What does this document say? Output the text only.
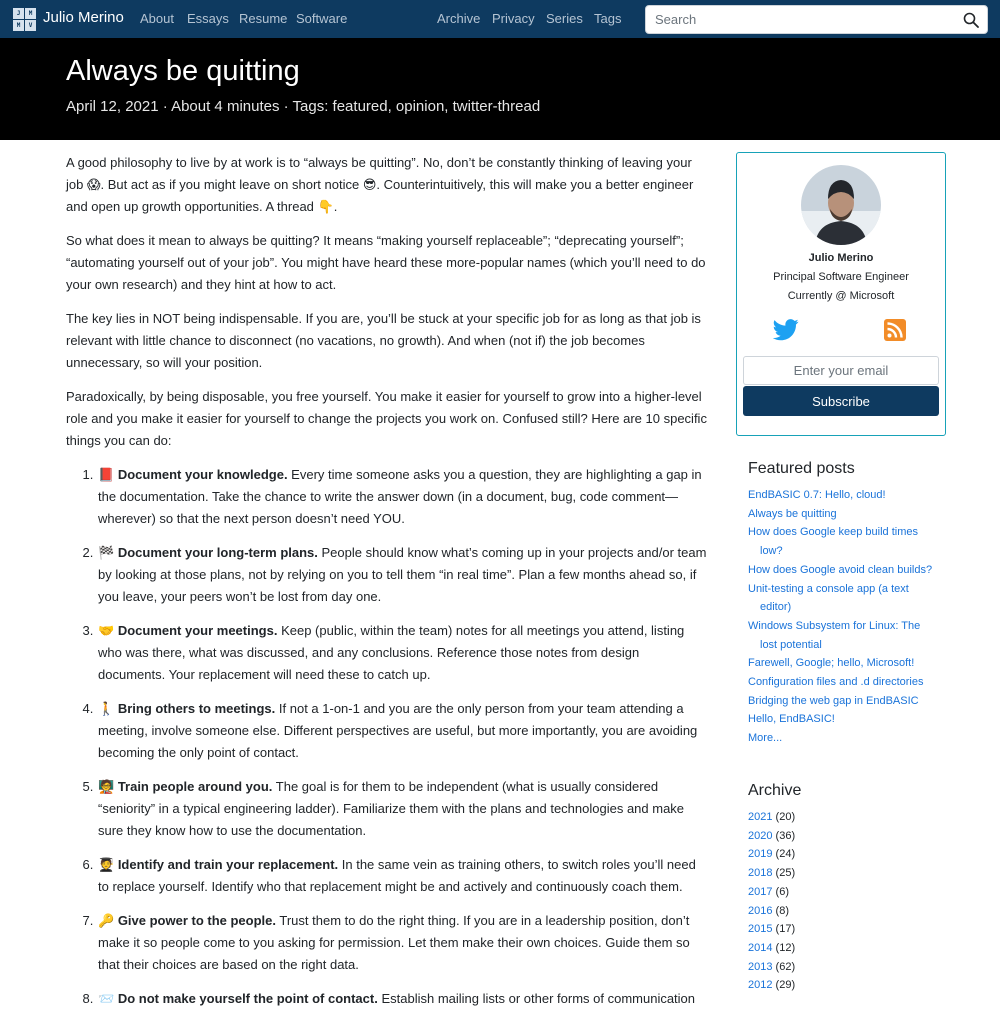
J	M
M	V Julio Merino About Essays Resume Software	Archive Privacy Series Tags
Search
Always be quitting
April 12, 2021 · About 4 minutes · Tags: featured, opinion, twitter-thread

A good philosophy to live by at work is to “always be quitting”. No, don’t be constantly thinking of leaving your job 😱. But act as if you might leave on short notice 😎. Counterintuitively, this will make you a better engineer and open up growth opportunities. A thread 👇.

So what does it mean to always be quitting? It means “making yourself replaceable”; “deprecating yourself”; “automating yourself out of your job”. You might have heard these more-popular names (which you’ll need to do your own research) and they hint at how to act.

The key lies in NOT being indispensable. If you are, you’ll be stuck at your specific job for as long as that job is relevant with little chance to disconnect (no vacations, no growth). And when (not if) the job becomes unnecessary, so will your position.

Paradoxically, by being disposable, you free yourself. You make it easier for yourself to grow into a higher-level role and you make it easier for yourself to change the projects you work on. Confused still? Here are 10 specific things you can do:

1. 📕 Document your knowledge. Every time someone asks you a question, they are highlighting a gap in the documentation. Take the chance to write the answer down (in a document, bug, code comment—wherever) so that the next person doesn’t need YOU.
2. 🏁 Document your long-term plans. People should know what’s coming up in your projects and/or team by looking at those plans, not by relying on you to tell them “in real time”. Plan a few months ahead so, if you leave, your peers won’t be lost from day one.
3. 🤝 Document your meetings. Keep (public, within the team) notes for all meetings you attend, listing who was there, what was discussed, and any conclusions. Reference those notes from design documents. Your replacement will need these to catch up.
4. 🚶 Bring others to meetings. If not a 1-on-1 and you are the only person from your team attending a meeting, involve someone else. Different perspectives are useful, but more importantly, you are avoiding becoming the only point of contact.
5. 🧑‍🏫 Train people around you. The goal is for them to be independent (what is usually considered “seniority” in a typical engineering ladder). Familiarize them with the plans and technologies and make sure they know how to use the documentation.
6. 🧑‍🎓 Identify and train your replacement. In the same vein as training others, to switch roles you’ll need to replace yourself. Identify who that replacement might be and actively and continuously coach them.
7. 🔑 Give power to the people. Trust them to do the right thing. If you are in a leadership position, don’t make it so people come to you asking for permission. Let them make their own choices. Guide them so that their choices are based on the right data.
8. 📨 Do not make yourself the point of contact. Establish mailing lists or other forms of communication
Julio Merino
Principal Software Engineer
Currently @ Microsoft
Enter your email
Subscribe
Featured posts
EndBASIC 0.7: Hello, cloud!
Always be quitting
How does Google keep build times low?
How does Google avoid clean builds?
Unit-testing a console app (a text editor)
Windows Subsystem for Linux: The lost potential
Farewell, Google; hello, Microsoft!
Configuration files and .d directories
Bridging the web gap in EndBASIC
Hello, EndBASIC!
More...
Archive
2021 (20)
2020 (36)
2019 (24)
2018 (25)
2017 (6)
2016 (8)
2015 (17)
2014 (12)
2013 (62)
2012 (29)
